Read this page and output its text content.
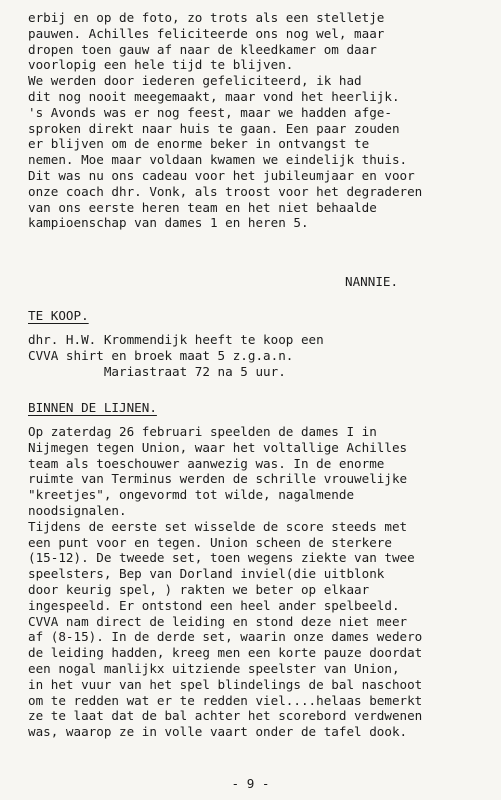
erbij en op de foto, zo trots als een stelletje
pauwen. Achilles feliciteerde ons nog wel, maar
dropen toen gauw af naar de kleedkamer om daar
voorlopig een hele tijd te blijven.
We werden door iederen gefeliciteerd, ik had
dit nog nooit meegemaakt, maar vond het heerlijk.
's Avonds was er nog feest, maar we hadden afge-
sproken direkt naar huis te gaan. Een paar zouden
er blijven om de enorme beker in ontvangst te
nemen. Moe maar voldaan kwamen we eindelijk thuis.
Dit was nu ons cadeau voor het jubileumjaar en voor
onze coach dhr. Vonk, als troost voor het degraderen
van ons eerste heren team en het niet behaalde
kampioenschap van dames 1 en heren 5.
NANNIE.
TE KOOP.
dhr. H.W. Krommendijk heeft te koop een
CVVA shirt en broek maat 5 z.g.a.n.
Mariastraat 72 na 5 uur.
BINNEN DE LIJNEN.
Op zaterdag 26 februari speelden de dames I in
Nijmegen tegen Union, waar het voltallige Achilles
team als toeschouwer aanwezig was. In de enorme
ruimte van Terminus werden de schrille vrouwelijke
"kreetjes", ongevormd tot wilde, nagalmende
noodsignalen.
Tijdens de eerste set wisselde de score steeds met
een punt voor en tegen. Union scheen de sterkere
(15-12). De tweede set, toen wegens ziekte van twee
speelsters, Bep van Dorland inviel(die uitblonk
door keurig spel, ) rakten we beter op elkaar
ingespeeld. Er ontstond een heel ander spelbeeld.
CVVA nam direct de leiding en stond deze niet meer
af (8-15). In de derde set, waarin onze dames wedero
de leiding hadden, kreeg men een korte pauze doordat
een nogal manlijkx uitziende speelster van Union,
in het vuur van het spel blindelings de bal naschoot
om te redden wat er te redden viel....helaas bemerkt
ze te laat dat de bal achter het scorebord verdwenen
was, waarop ze in volle vaart onder de tafel dook.
- 9 -
